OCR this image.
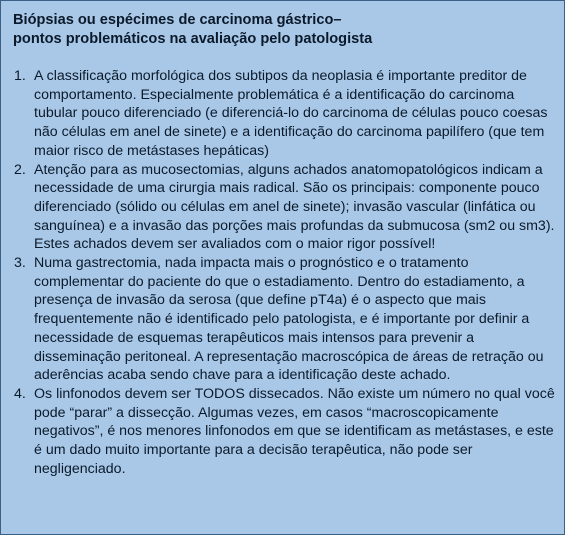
Biópsias ou espécimes de carcinoma gástrico–
pontos problemáticos na avaliação pelo patologista
1. A classificação morfológica dos subtipos da neoplasia é importante preditor de comportamento. Especialmente problemática é a identificação do carcinoma tubular pouco diferenciado (e diferenciá-lo do carcinoma de células pouco coesas não células em anel de sinete) e a identificação do carcinoma papilífero (que tem maior risco de metástases hepáticas)
2. Atenção para as mucosectomias, alguns achados anatomopatológicos indicam a necessidade de uma cirurgia mais radical. São os principais: componente pouco diferenciado (sólido ou células em anel de sinete); invasão vascular (linfática ou sanguínea) e a invasão das porções mais profundas da submucosa (sm2 ou sm3). Estes achados devem ser avaliados com o maior rigor possível!
3. Numa gastrectomia, nada impacta mais o prognóstico e o tratamento complementar do paciente do que o estadiamento. Dentro do estadiamento, a presença de invasão da serosa (que define pT4a) é o aspecto que mais frequentemente não é identificado pelo patologista, e é importante por definir a necessidade de esquemas terapêuticos mais intensos para prevenir a disseminação peritoneal. A representação macroscópica de áreas de retração ou aderências acaba sendo chave para a identificação deste achado.
4. Os linfonodos devem ser TODOS dissecados. Não existe um número no qual você pode “parar” a dissecção. Algumas vezes, em casos “macroscopicamente negativos”, é nos menores linfonodos em que se identificam as metástases, e este é um dado muito importante para a decisão terapêutica, não pode ser negligenciado.
